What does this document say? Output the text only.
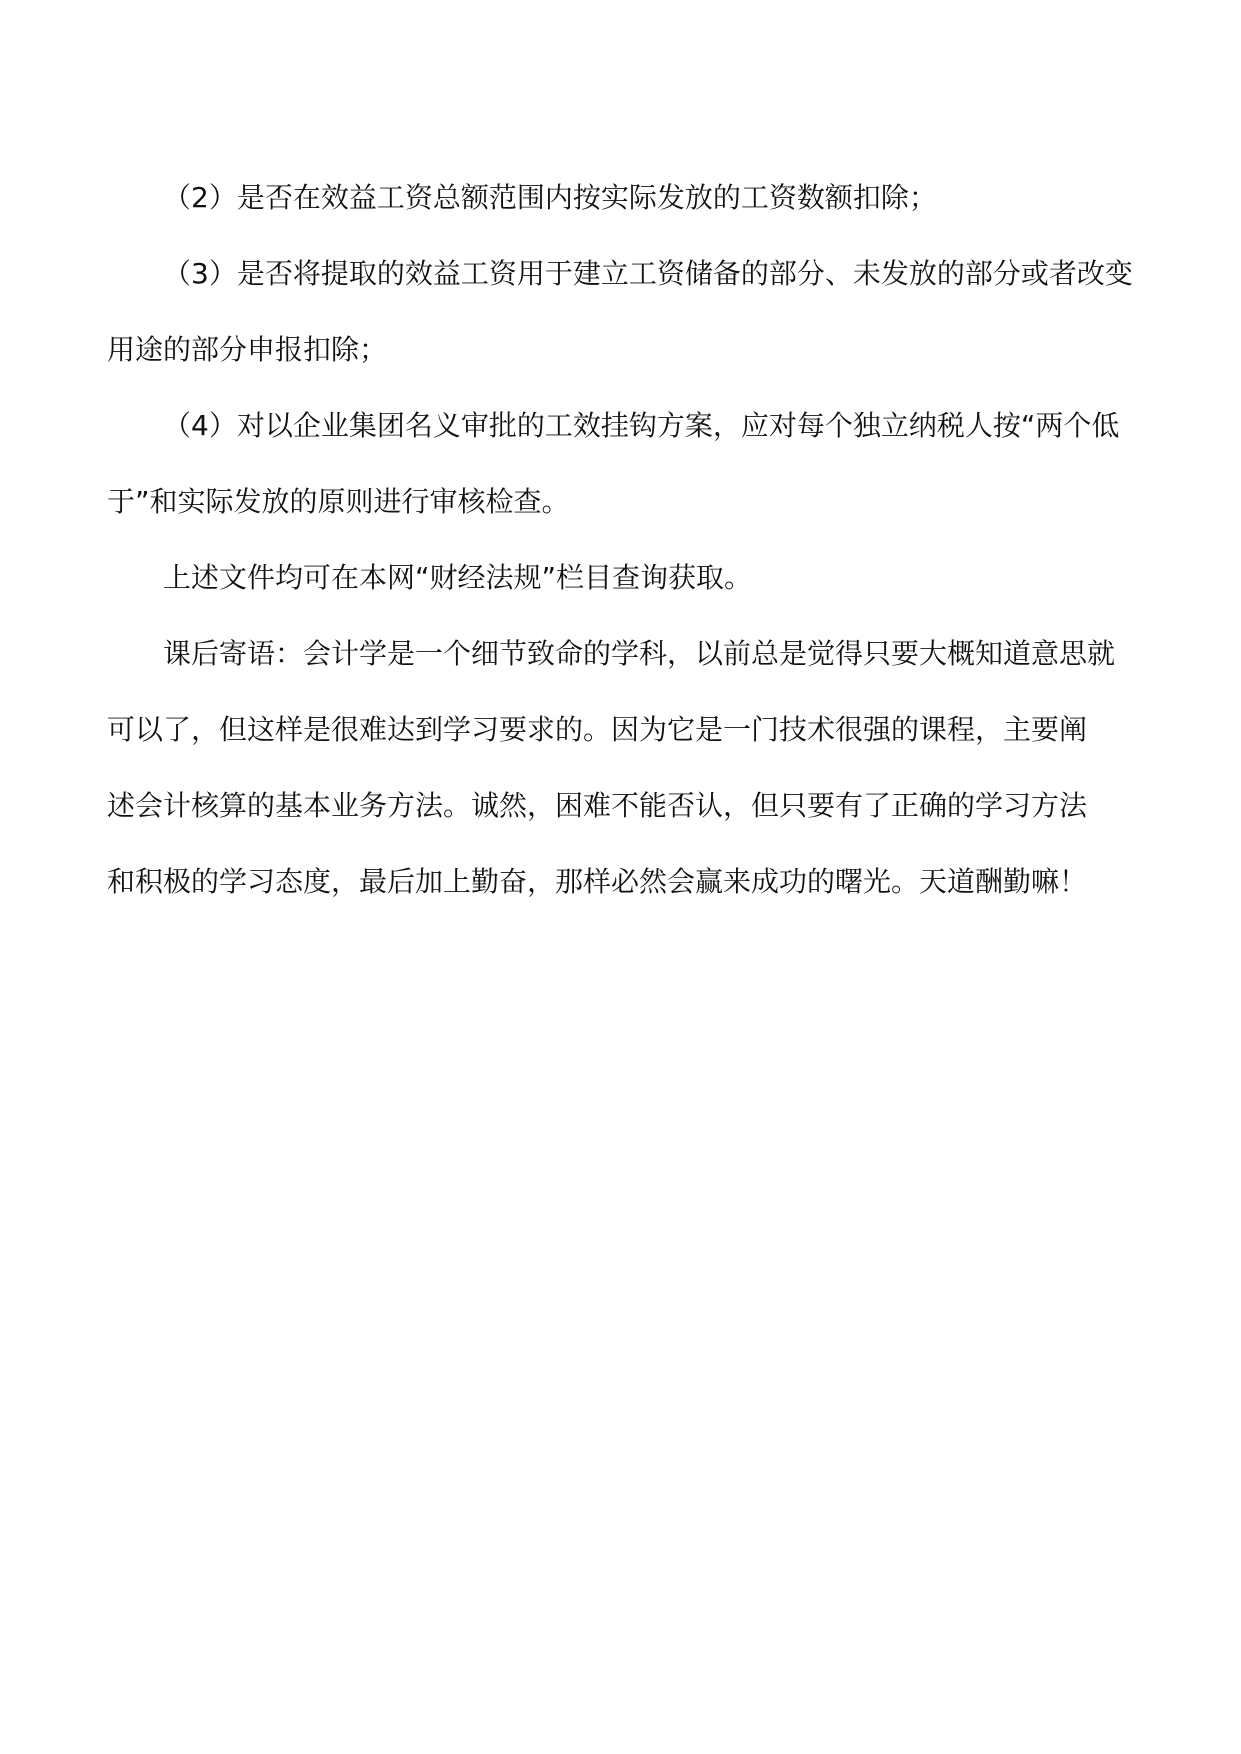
（2）是否在效益工资总额范围内按实际发放的工资数额扣除；

（3）是否将提取的效益工资用于建立工资储备的部分、未发放的部分或者改变
用途的部分申报扣除；

（4）对以企业集团名义审批的工效挂钩方案，应对每个独立纳税人按“两个低
于”和实际发放的原则进行审核检查。

上述文件均可在本网“财经法规”栏目查询获取。

课后寄语：会计学是一个细节致命的学科，以前总是觉得只要大概知道意思就
可以了，但这样是很难达到学习要求的。因为它是一门技术很强的课程，主要阐
述会计核算的基本业务方法。诚然，困难不能否认，但只要有了正确的学习方法
和积极的学习态度，最后加上勤奋，那样必然会赢来成功的曙光。天道酬勤嘛！
